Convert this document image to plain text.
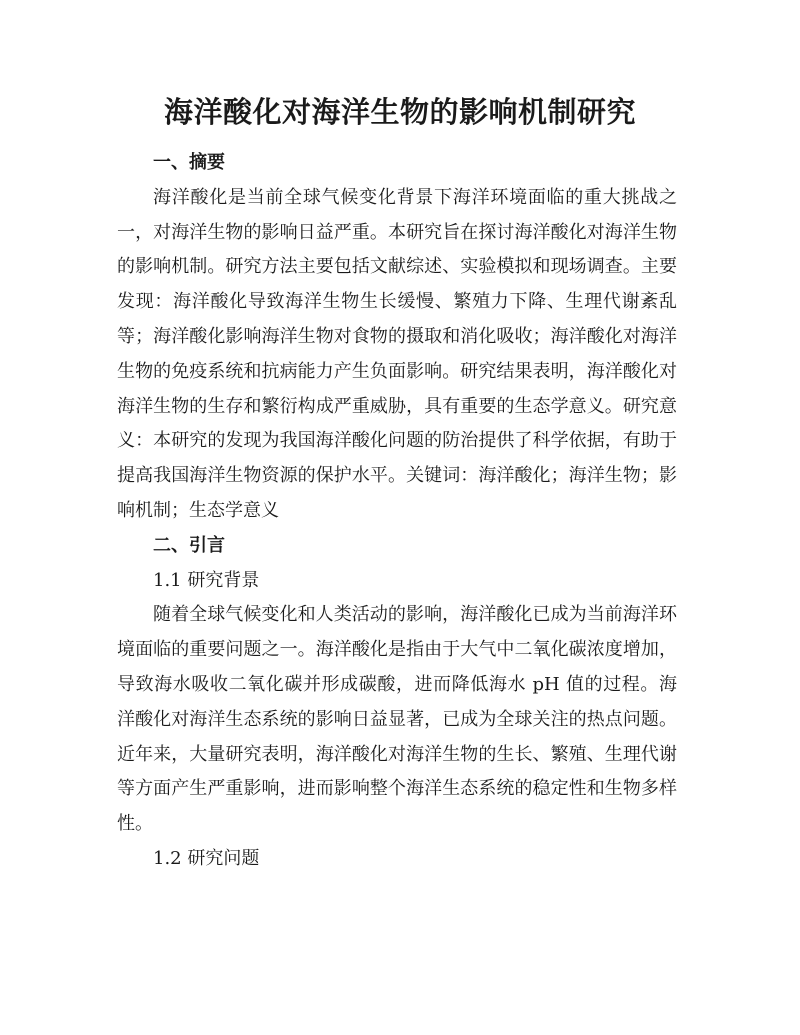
海洋酸化对海洋生物的影响机制研究
一、摘要

海洋酸化是当前全球气候变化背景下海洋环境面临的重大挑战之一，对海洋生物的影响日益严重。本研究旨在探讨海洋酸化对海洋生物的影响机制。研究方法主要包括文献综述、实验模拟和现场调查。主要发现：海洋酸化导致海洋生物生长缓慢、繁殖力下降、生理代谢紊乱等；海洋酸化影响海洋生物对食物的摄取和消化吸收；海洋酸化对海洋生物的免疫系统和抗病能力产生负面影响。研究结果表明，海洋酸化对海洋生物的生存和繁衍构成严重威胁，具有重要的生态学意义。研究意义：本研究的发现为我国海洋酸化问题的防治提供了科学依据，有助于提高我国海洋生物资源的保护水平。关键词：海洋酸化；海洋生物；影响机制；生态学意义

二、引言
1.1 研究背景

随着全球气候变化和人类活动的影响，海洋酸化已成为当前海洋环境面临的重要问题之一。海洋酸化是指由于大气中二氧化碳浓度增加，导致海水吸收二氧化碳并形成碳酸，进而降低海水 pH 值的过程。海洋酸化对海洋生态系统的影响日益显著，已成为全球关注的热点问题。近年来，大量研究表明，海洋酸化对海洋生物的生长、繁殖、生理代谢等方面产生严重影响，进而影响整个海洋生态系统的稳定性和生物多样性。

1.2 研究问题
